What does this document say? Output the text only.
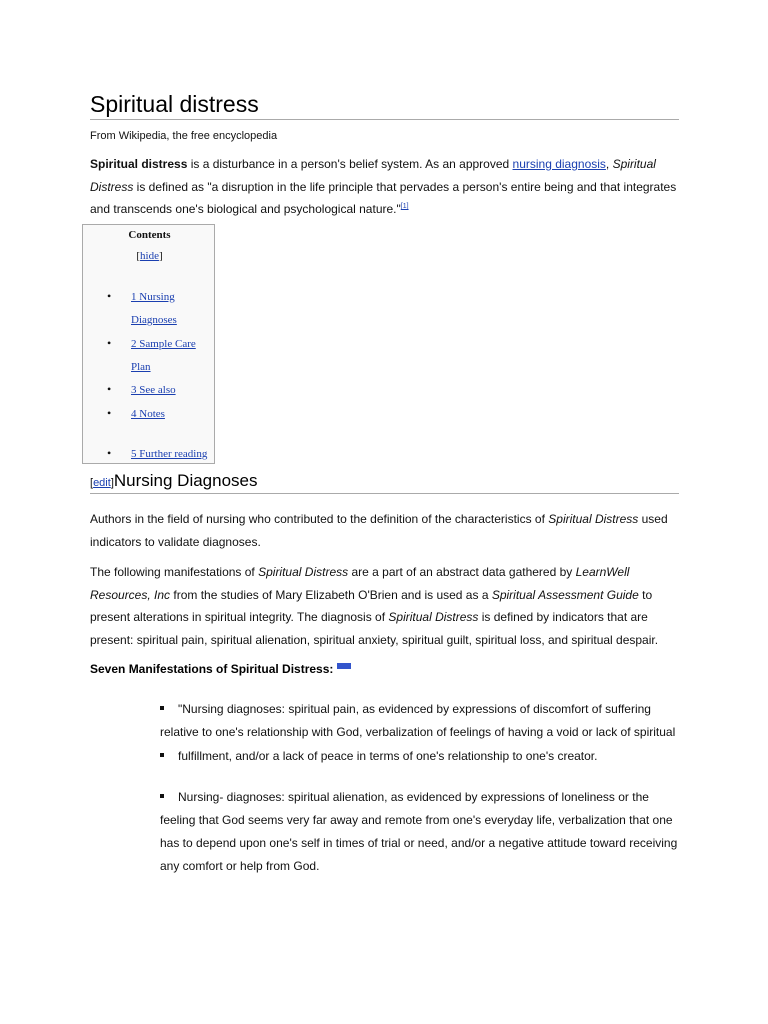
Spiritual distress
From Wikipedia, the free encyclopedia

Spiritual distress is a disturbance in a person's belief system. As an approved nursing diagnosis, Spiritual Distress is defined as "a disruption in the life principle that pervades a person's entire being and that integrates and transcends one's biological and psychological nature."[1]

Contents
[hide]
• 1 Nursing
Diagnoses
• 2 Sample Care
Plan
• 3 See also
• 4 Notes
• 5 Further reading
[edit]Nursing Diagnoses

Authors in the field of nursing who contributed to the definition of the characteristics of Spiritual Distress used indicators to validate diagnoses.

The following manifestations of Spiritual Distress are a part of an abstract data gathered by LearnWell Resources, Inc from the studies of Mary Elizabeth O'Brien and is used as a Spiritual Assessment Guide to present alterations in spiritual integrity. The diagnosis of Spiritual Distress is defined by indicators that are present: spiritual pain, spiritual alienation, spiritual anxiety, spiritual guilt, spiritual loss, and spiritual despair.

Seven Manifestations of Spiritual Distress:

"Nursing diagnoses: spiritual pain, as evidenced by expressions of discomfort of suffering
relative to one's relationship with God, verbalization of feelings of having a void or lack of spiritual

fulfillment, and/or a lack of peace in terms of one's relationship to one's creator.

Nursing- diagnoses: spiritual alienation, as evidenced by expressions of loneliness or the
feeling that God seems very far away and remote from one's everyday life, verbalization that one has to depend upon one's self in times of trial or need, and/or a negative attitude toward receiving any comfort or help from God.
